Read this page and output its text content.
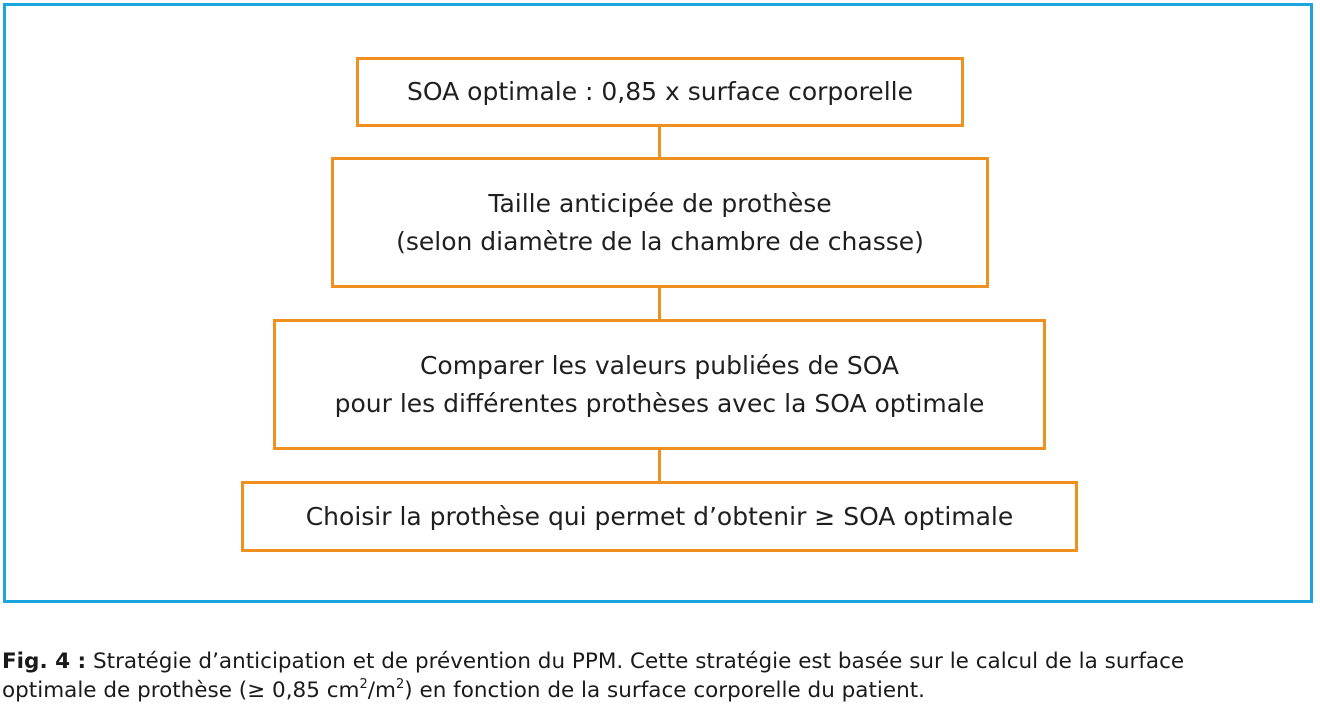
SOA optimale : 0,85 x surface corporelle
Taille anticipée de prothèse
(selon diamètre de la chambre de chasse)
Comparer les valeurs publiées de SOA
pour les différentes prothèses avec la SOA optimale
Choisir la prothèse qui permet d’obtenir ≥ SOA optimale
Fig. 4 : Stratégie d’anticipation et de prévention du PPM. Cette stratégie est basée sur le calcul de la surface
optimale de prothèse (≥ 0,85 $cm^2/m^2$) en fonction de la surface corporelle du patient.
